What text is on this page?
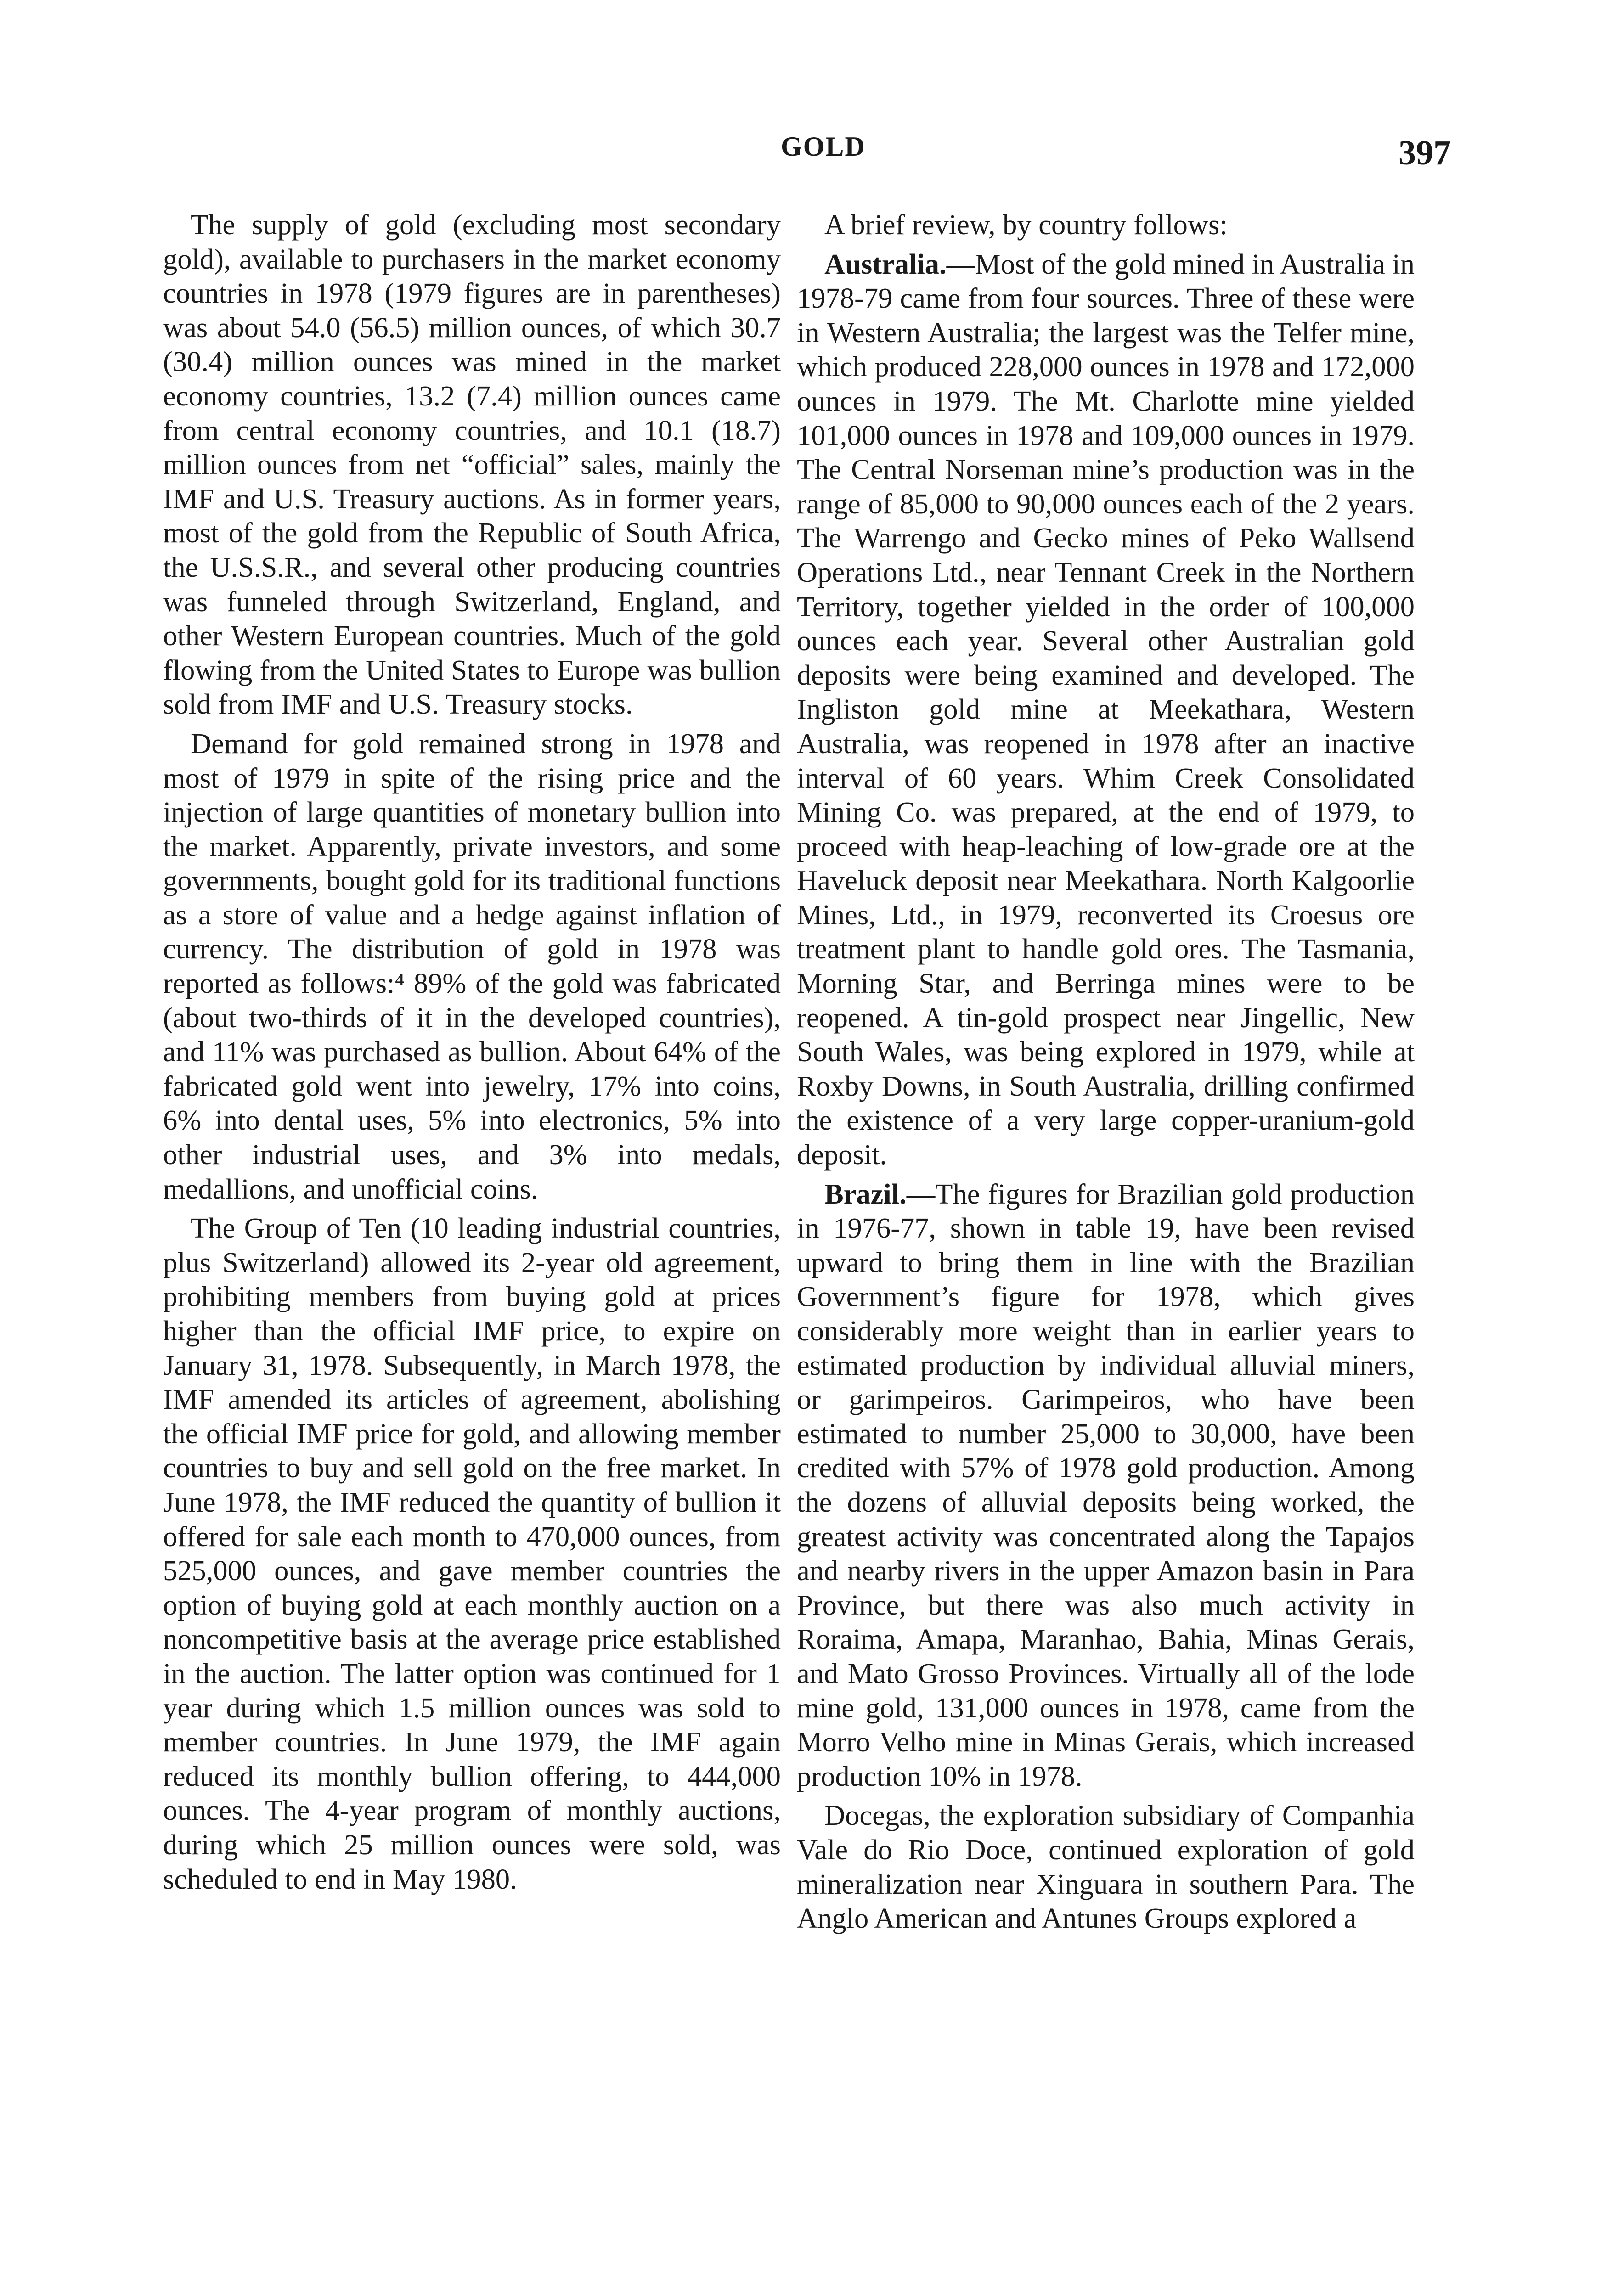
GOLD	397

The supply of gold (excluding most secondary gold), available to purchasers in the market economy countries in 1978 (1979 figures are in parentheses) was about 54.0 (56.5) million ounces, of which 30.7 (30.4) million ounces was mined in the market economy countries, 13.2 (7.4) million ounces came from central economy countries, and 10.1 (18.7) million ounces from net “official” sales, mainly the IMF and U.S. Treasury auctions. As in former years, most of the gold from the Republic of South Africa, the U.S.S.R., and several other producing countries was funneled through Switzerland, England, and other Western European countries. Much of the gold flowing from the United States to Europe was bullion sold from IMF and U.S. Treasury stocks.

Demand for gold remained strong in 1978 and most of 1979 in spite of the rising price and the injection of large quantities of monetary bullion into the market. Apparently, private investors, and some governments, bought gold for its traditional functions as a store of value and a hedge against inflation of currency. The distribution of gold in 1978 was reported as follows:⁴ 89% of the gold was fabricated (about two-thirds of it in the developed countries), and 11% was purchased as bullion. About 64% of the fabricated gold went into jewelry, 17% into coins, 6% into dental uses, 5% into electronics, 5% into other industrial uses, and 3% into medals, medallions, and unofficial coins.

The Group of Ten (10 leading industrial countries, plus Switzerland) allowed its 2-year old agreement, prohibiting members from buying gold at prices higher than the official IMF price, to expire on January 31, 1978. Subsequently, in March 1978, the IMF amended its articles of agreement, abolishing the official IMF price for gold, and allowing member countries to buy and sell gold on the free market. In June 1978, the IMF reduced the quantity of bullion it offered for sale each month to 470,000 ounces, from 525,000 ounces, and gave member countries the option of buying gold at each monthly auction on a noncompetitive basis at the average price established in the auction. The latter option was continued for 1 year during which 1.5 million ounces was sold to member countries. In June 1979, the IMF again reduced its monthly bullion offering, to 444,000 ounces. The 4-year program of monthly auctions, during which 25 million ounces were sold, was scheduled to end in May 1980.

A brief review, by country follows:

Australia.—Most of the gold mined in Australia in 1978-79 came from four sources. Three of these were in Western Australia; the largest was the Telfer mine, which produced 228,000 ounces in 1978 and 172,000 ounces in 1979. The Mt. Charlotte mine yielded 101,000 ounces in 1978 and 109,000 ounces in 1979. The Central Norseman mine’s production was in the range of 85,000 to 90,000 ounces each of the 2 years. The Warrengo and Gecko mines of Peko Wallsend Operations Ltd., near Tennant Creek in the Northern Territory, together yielded in the order of 100,000 ounces each year. Several other Australian gold deposits were being examined and developed. The Ingliston gold mine at Meekathara, Western Australia, was reopened in 1978 after an inactive interval of 60 years. Whim Creek Consolidated Mining Co. was prepared, at the end of 1979, to proceed with heap-leaching of low-grade ore at the Haveluck deposit near Meekathara. North Kalgoorlie Mines, Ltd., in 1979, reconverted its Croesus ore treatment plant to handle gold ores. The Tasmania, Morning Star, and Berringa mines were to be reopened. A tin-gold prospect near Jingellic, New South Wales, was being explored in 1979, while at Roxby Downs, in South Australia, drilling confirmed the existence of a very large copper-uranium-gold deposit.

Brazil.—The figures for Brazilian gold production in 1976-77, shown in table 19, have been revised upward to bring them in line with the Brazilian Government’s figure for 1978, which gives considerably more weight than in earlier years to estimated production by individual alluvial miners, or garimpeiros. Garimpeiros, who have been estimated to number 25,000 to 30,000, have been credited with 57% of 1978 gold production. Among the dozens of alluvial deposits being worked, the greatest activity was concentrated along the Tapajos and nearby rivers in the upper Amazon basin in Para Province, but there was also much activity in Roraima, Amapa, Maranhao, Bahia, Minas Gerais, and Mato Grosso Provinces. Virtually all of the lode mine gold, 131,000 ounces in 1978, came from the Morro Velho mine in Minas Gerais, which increased production 10% in 1978.

Docegas, the exploration subsidiary of Companhia Vale do Rio Doce, continued exploration of gold mineralization near Xinguara in southern Para. The Anglo American and Antunes Groups explored a
